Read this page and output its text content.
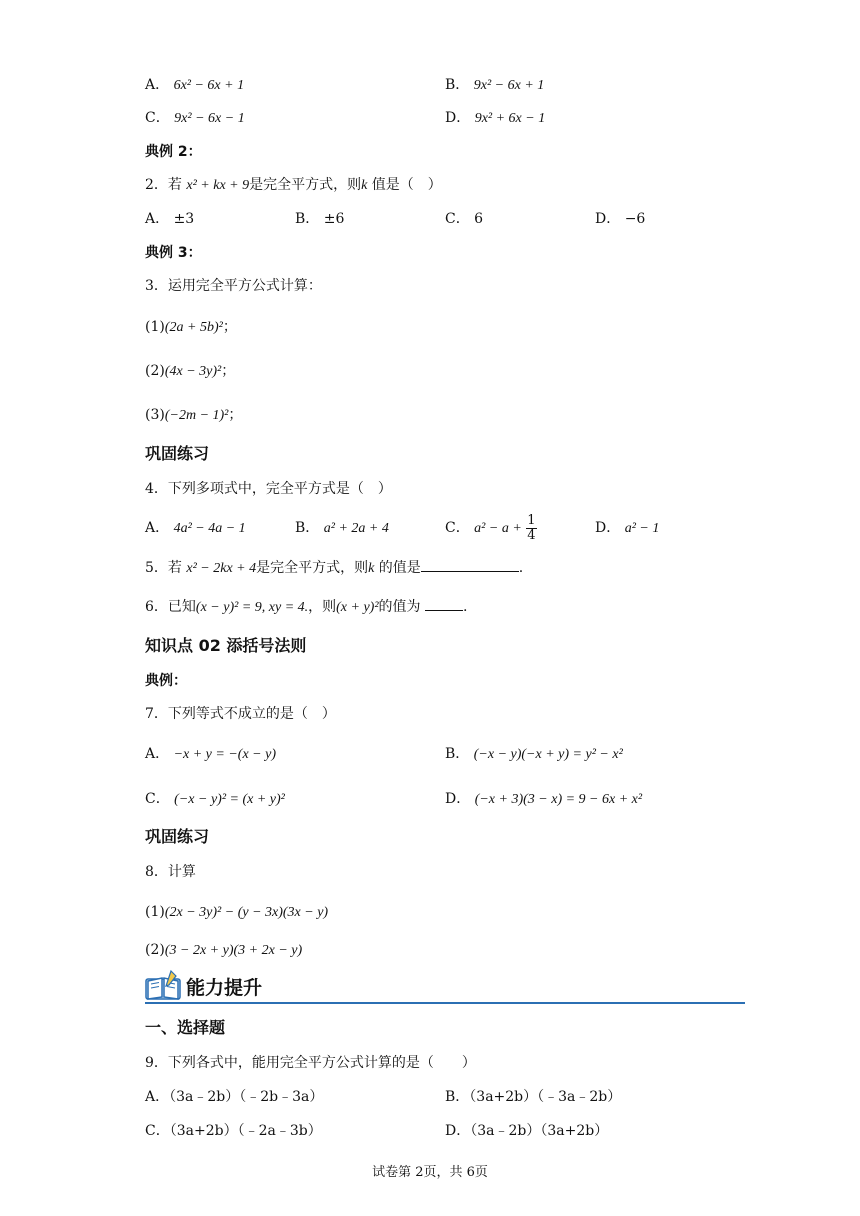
A． 6x² − 6x + 1	B． 9x² − 6x + 1
C． 9x² − 6x − 1	D． 9x² + 6x − 1
典例 2：
2．若 x² + kx + 9是完全平方式，则k 值是（　）
A． ±3	B． ±6	C． 6	D． −6
典例 3：
3．运用完全平方公式计算：
(1)(2a + 5b)²；
(2)(4x − 3y)²；
(3)(−2m − 1)²；
巩固练习
4．下列多项式中，完全平方式是（　）
A． 4a² − 4a − 1	B． a² + 2a + 4	C． $a^2 - a + \frac{1}{4}$	D． a² − 1
5．若 x² − 2kx + 4是完全平方式，则k 的值是	.
6．已知(x − y)² = 9, xy = 4.，则(x + y)²的值为	.
知识点 02 添括号法则
典例：
7．下列等式不成立的是（　）
A． −x + y = −(x − y)	B． (−x − y)(−x + y) = y² − x²
C． (−x − y)² = (x + y)²	D． (−x + 3)(3 − x) = 9 − 6x + x²
巩固练习
8．计算
(1)(2x − 3y)² − (y − 3x)(3x − y)
(2)(3 − 2x + y)(3 + 2x − y)
能力提升
一、选择题
9．下列各式中，能用完全平方公式计算的是（　　）
A．（3a﹣2b）（﹣2b﹣3a）	B．（3a+2b）（﹣3a﹣2b）
C．（3a+2b）（﹣2a﹣3b）	D．（3a﹣2b）（3a+2b）
试卷第 2页，共 6页
